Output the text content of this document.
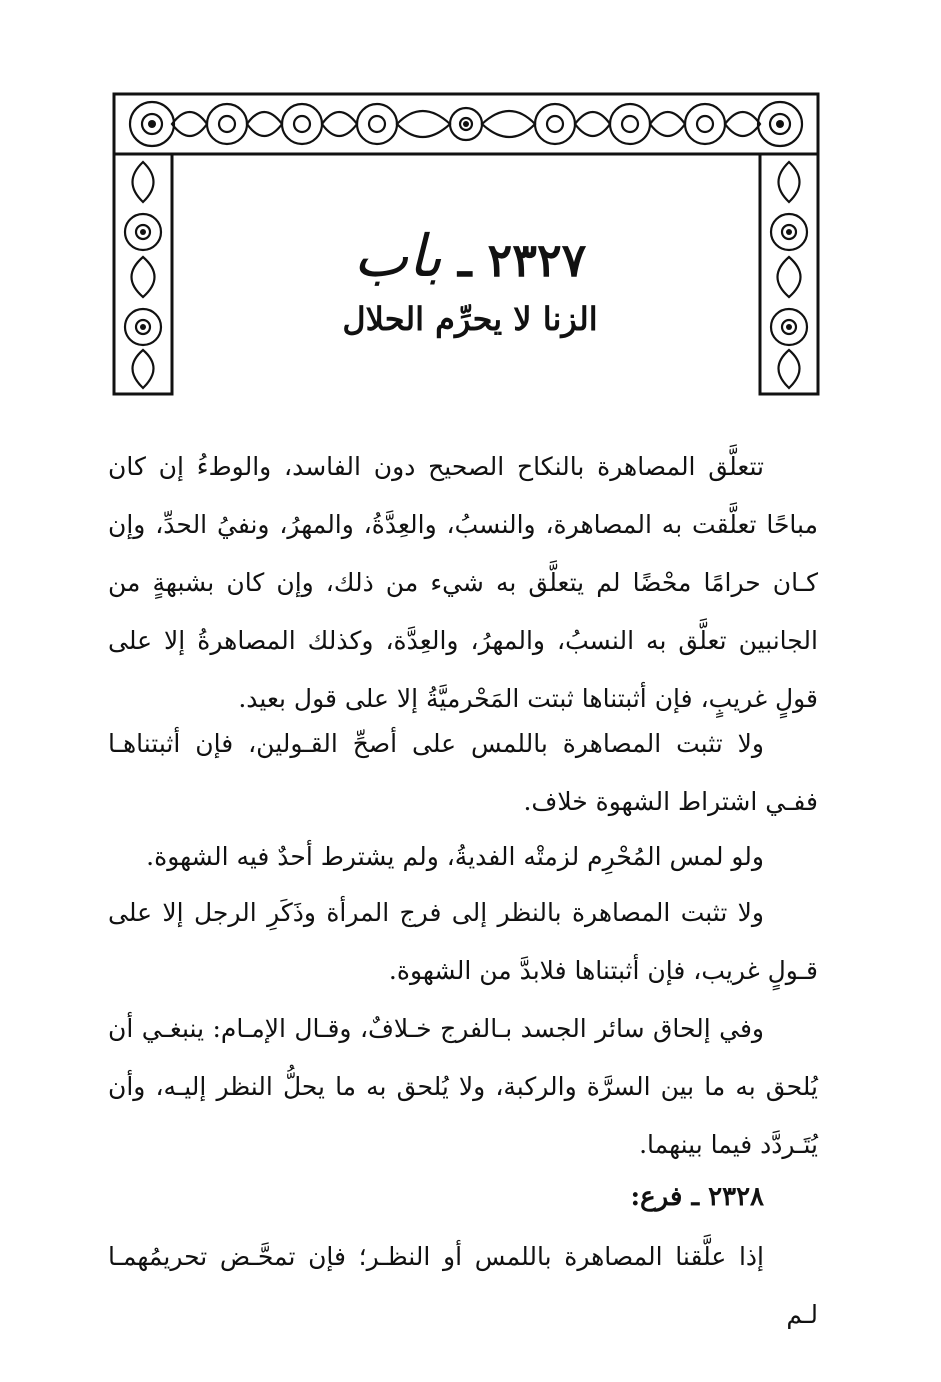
٢٣٢٧ ـ باب
الزنا لا يحرِّم الحلال
تتعلَّق المصاهرة بالنكاح الصحيح دون الفاسد، والوطءُ إن كان مباحًا تعلَّقت به المصاهرة، والنسبُ، والعِدَّةُ، والمهرُ، ونفيُ الحدِّ، وإن كـان حرامًا محْضًا لم يتعلَّق به شيء من ذلك، وإن كان بشبهةٍ من الجانبين تعلَّق به النسبُ، والمهرُ، والعِدَّة، وكذلك المصاهرةُ إلا على قولٍ غريبٍ، فإن أثبتناها ثبتت المَحْرميَّةُ إلا على قول بعيد.
ولا تثبت المصاهرة باللمس على أصحِّ القـولين، فإن أثبتناهـا ففـي اشتراط الشهوة خلاف.
ولو لمس المُحْرِم لزمتْه الفديةُ، ولم يشترط أحدٌ فيه الشهوة.
ولا تثبت المصاهرة بالنظر إلى فرج المرأة وذَكَرِ الرجل إلا على قـولٍ غريب، فإن أثبتناها فلابدَّ من الشهوة.
وفي إلحاق سائر الجسد بـالفرج خـلافٌ، وقـال الإمـام: ينبغـي أن يُلحق به ما بين السرَّة والركبة، ولا يُلحق به ما يحلُّ النظر إليـه، وأن يُتَـردَّد فيما بينهما.
٢٣٢٨ ـ فرع:
إذا علَّقنا المصاهرة باللمس أو النظـر؛ فإن تمحَّـض تحريمُهمـا لـم
